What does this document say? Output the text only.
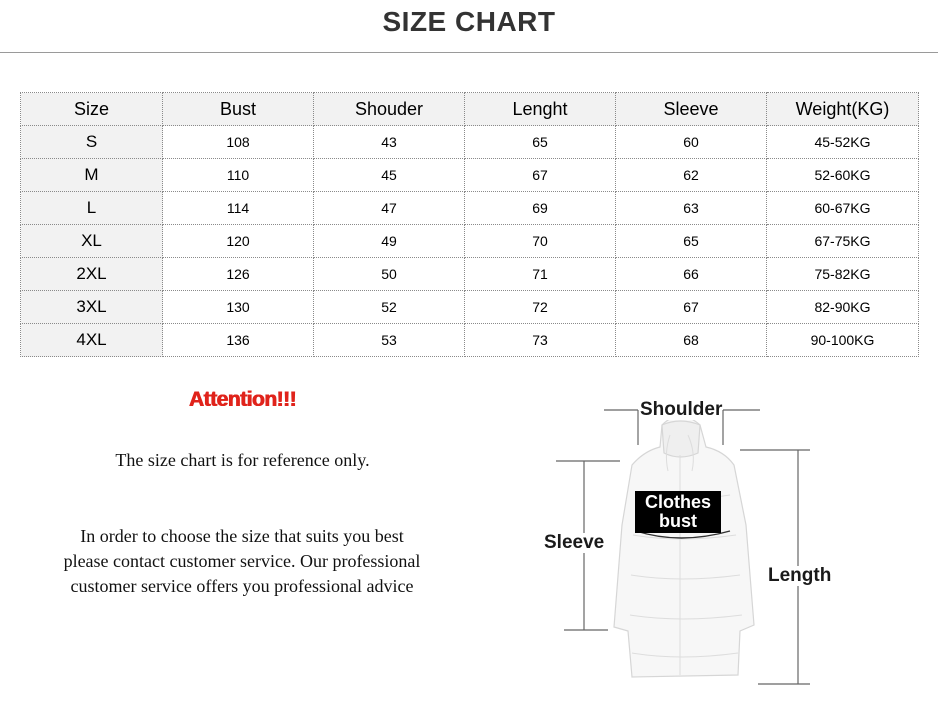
SIZE CHART
Size	Bust	Shouder	Lenght	Sleeve	Weight(KG)
S	108	43	65	60	45-52KG
M	110	45	67	62	52-60KG
L	114	47	69	63	60-67KG
XL	120	49	70	65	67-75KG
2XL	126	50	71	66	75-82KG
3XL	130	52	72	67	82-90KG
4XL	136	53	73	68	90-100KG
Attention!!!
The size chart is for reference only.
In order to choose the size that suits you best
please contact customer service. Our professional
customer service offers you professional advice
Shoulder
Sleeve
Length
Clothes
bust
